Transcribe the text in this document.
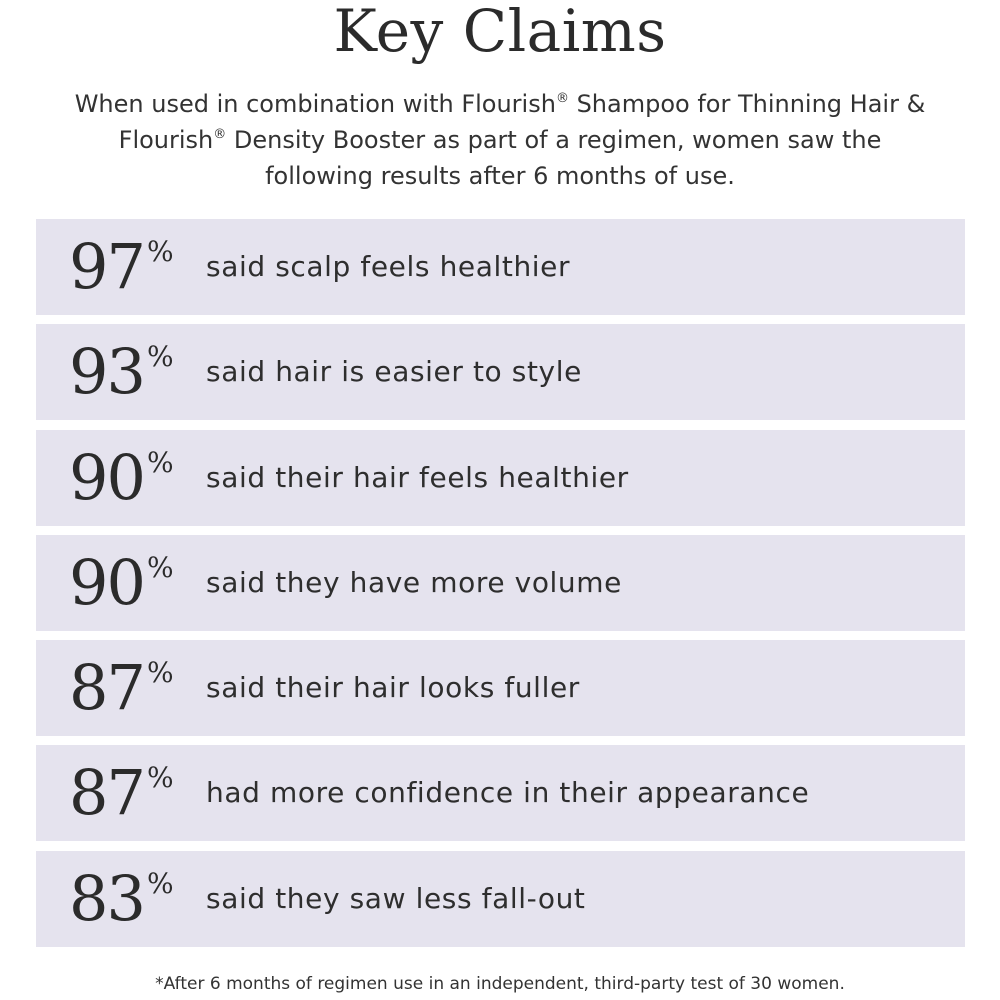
Key Claims
When used in combination with Flourish® Shampoo for Thinning Hair &
Flourish® Density Booster as part of a regimen, women saw the
following results after 6 months of use.
97 % said scalp feels healthier
93 % said hair is easier to style
90 % said their hair feels healthier
90 % said they have more volume
87 % said their hair looks fuller
87 % had more confidence in their appearance
83 % said they saw less fall-out
*After 6 months of regimen use in an independent, third-party test of 30 women.
